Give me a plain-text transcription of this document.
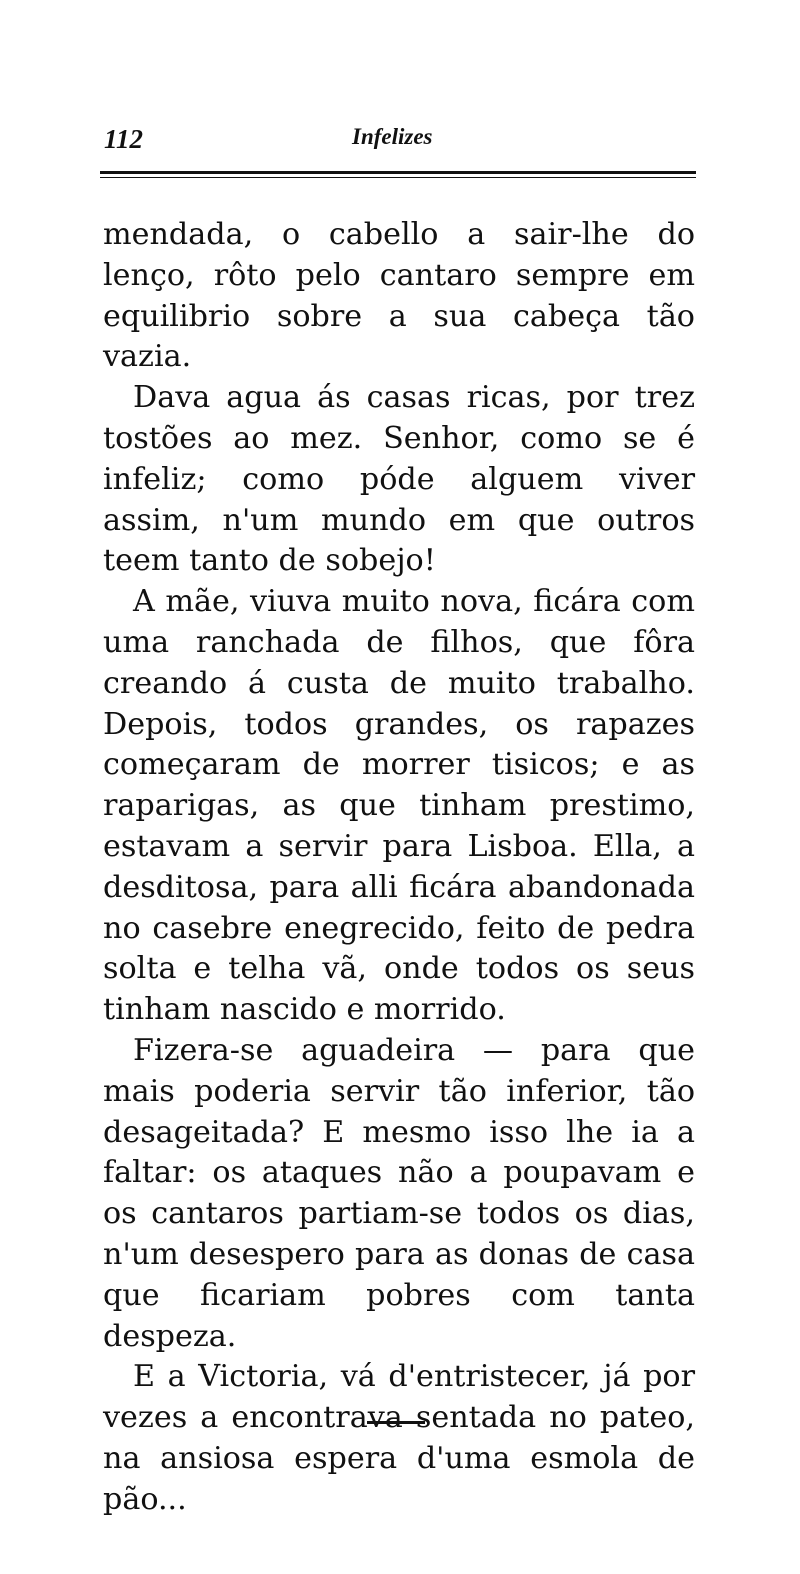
112	Infelizes

mendada, o cabello a sair-lhe do lenço, rôto pelo cantaro sempre em equilibrio sobre a sua cabeça tão vazia.

Dava agua ás casas ricas, por trez tostões ao mez. Senhor, como se é infeliz; como póde alguem viver assim, n'um mundo em que outros teem tanto de sobejo!

A mãe, viuva muito nova, ficára com uma ranchada de filhos, que fôra creando á custa de muito trabalho. Depois, todos grandes, os rapazes começaram de morrer tisicos; e as raparigas, as que tinham prestimo, estavam a servir para Lisboa. Ella, a desditosa, para alli ficára abandonada no casebre enegrecido, feito de pedra solta e telha vã, onde todos os seus tinham nascido e morrido.

Fizera-se aguadeira — para que mais poderia servir tão inferior, tão desageitada? E mesmo isso lhe ia a faltar: os ataques não a poupavam e os cantaros partiam-se todos os dias, n'um desespero para as donas de casa que ficariam pobres com tanta despeza.

E a Victoria, vá d'entristecer, já por vezes a encontrava sentada no pateo, na ansiosa espera d'uma esmola de pão...
